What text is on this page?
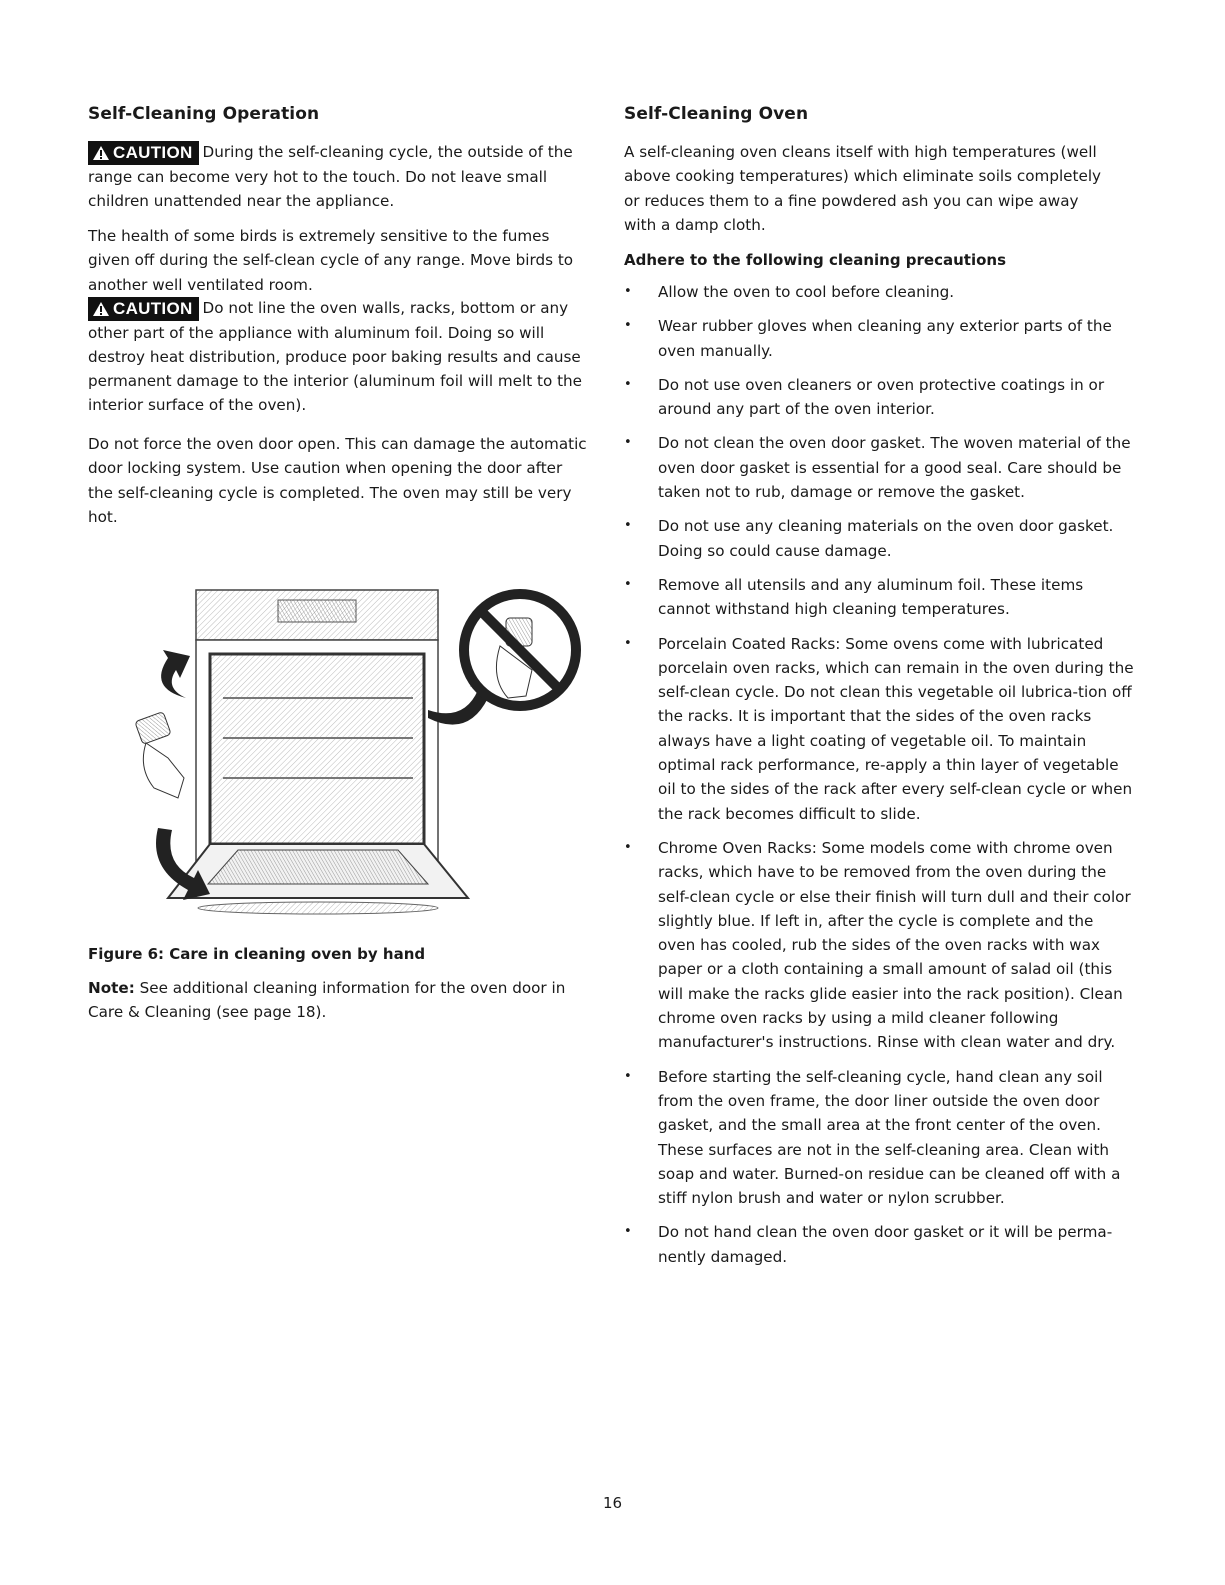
Self-Cleaning Operation

CAUTION During the self-cleaning cycle, the outside of the range can become very hot to the touch. Do not leave small children unattended near the appliance.

The health of some birds is extremely sensitive to the fumes given off during the self-clean cycle of any range. Move birds to another well ventilated room.

CAUTION Do not line the oven walls, racks, bottom or any other part of the appliance with aluminum foil. Doing so will destroy heat distribution, produce poor baking results and cause permanent damage to the interior (aluminum foil will melt to the interior surface of the oven).

Do not force the oven door open. This can damage the automatic door locking system. Use caution when opening the door after the self-cleaning cycle is completed. The oven may still be very hot.

Figure 6: Care in cleaning oven by hand

Note: See additional cleaning information for the oven door in Care & Cleaning (see page 18).

Self-Cleaning Oven

A self-cleaning oven cleans itself with high temperatures (well above cooking temperatures) which eliminate soils completely or reduces them to a fine powdered ash you can wipe away with a damp cloth.

Adhere to the following cleaning precautions

• Allow the oven to cool before cleaning.
• Wear rubber gloves when cleaning any exterior parts of the oven manually.
• Do not use oven cleaners or oven protective coatings in or around any part of the oven interior.
• Do not clean the oven door gasket. The woven material of the oven door gasket is essential for a good seal. Care should be taken not to rub, damage or remove the gasket.
• Do not use any cleaning materials on the oven door gasket. Doing so could cause damage.
• Remove all utensils and any aluminum foil. These items cannot withstand high cleaning temperatures.
• Porcelain Coated Racks: Some ovens come with lubricated porcelain oven racks, which can remain in the oven during the self-clean cycle. Do not clean this vegetable oil lubrica-tion off the racks. It is important that the sides of the oven racks always have a light coating of vegetable oil. To maintain optimal rack performance, re-apply a thin layer of vegetable oil to the sides of the rack after every self-clean cycle or when the rack becomes difficult to slide.
• Chrome Oven Racks: Some models come with chrome oven racks, which have to be removed from the oven during the self-clean cycle or else their finish will turn dull and their color slightly blue. If left in, after the cycle is complete and the oven has cooled, rub the sides of the oven racks with wax paper or a cloth containing a small amount of salad oil (this will make the racks glide easier into the rack position). Clean chrome oven racks by using a mild cleaner following manufacturer's instructions. Rinse with clean water and dry.
• Before starting the self-cleaning cycle, hand clean any soil from the oven frame, the door liner outside the oven door gasket, and the small area at the front center of the oven. These surfaces are not in the self-cleaning area. Clean with soap and water. Burned-on residue can be cleaned off with a stiff nylon brush and water or nylon scrubber.
• Do not hand clean the oven door gasket or it will be perma-nently damaged.
16
